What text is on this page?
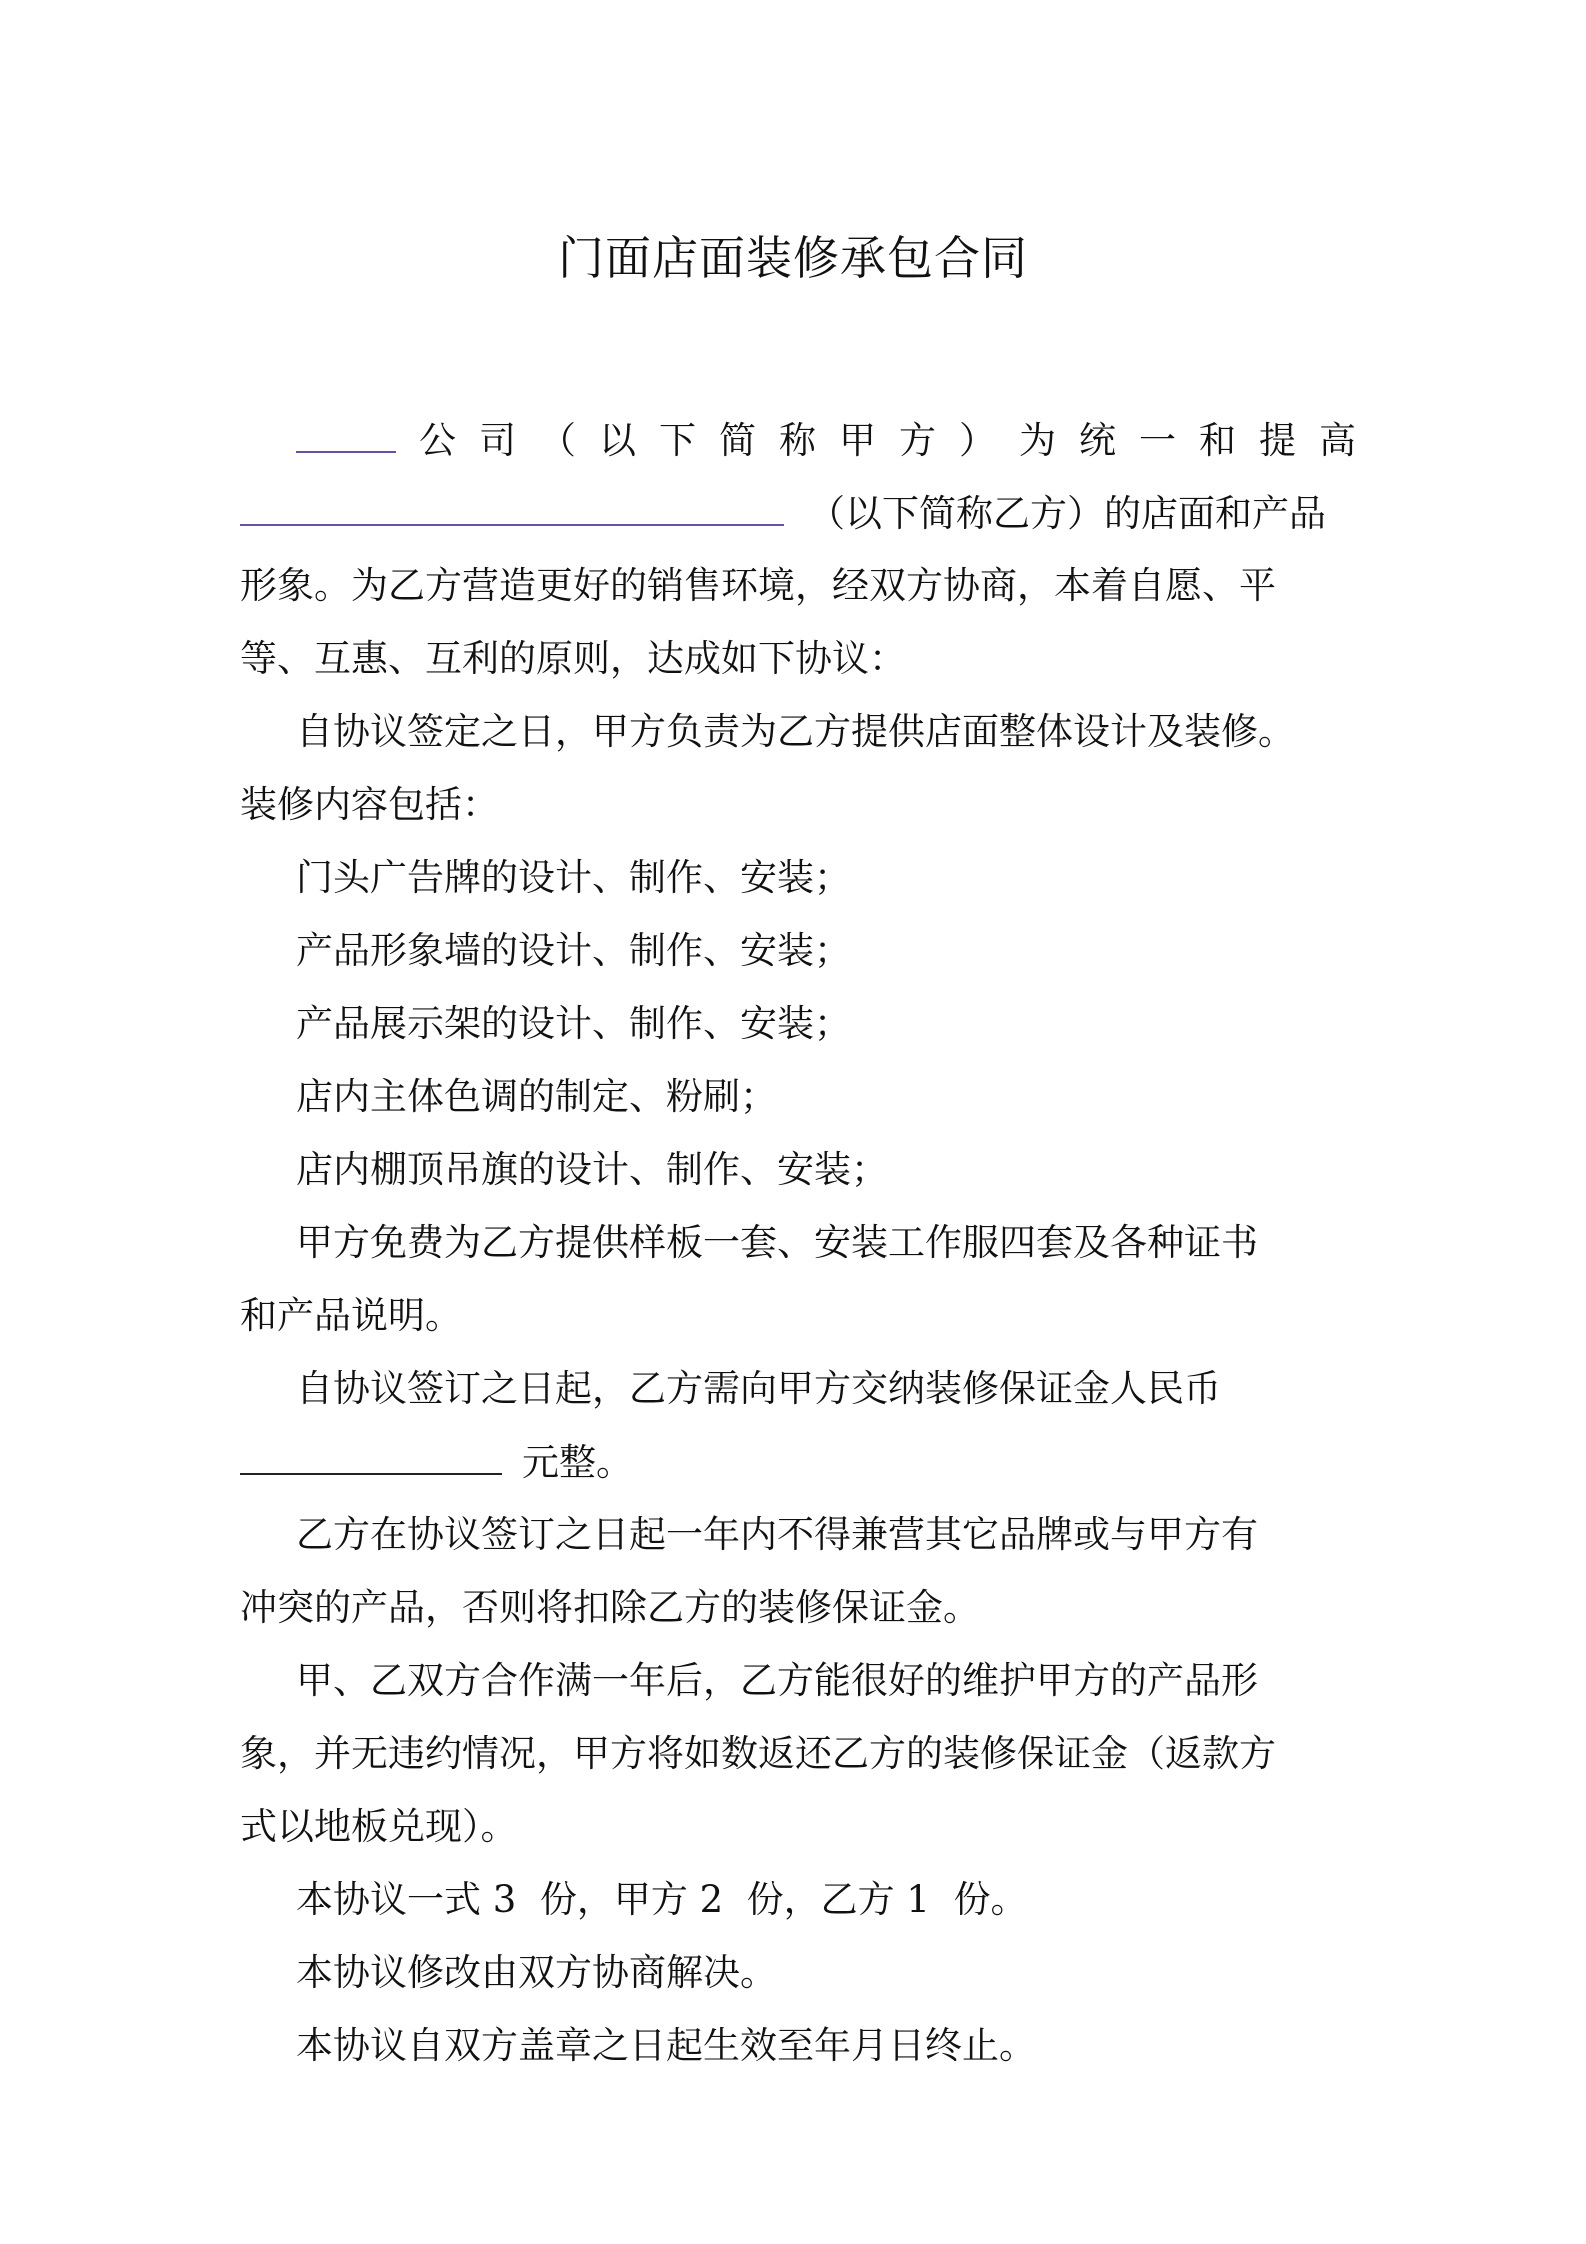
门面店面装修承包合同
公 司 （ 以 下 简 称 甲 方 ） 为 统 一 和 提 高
（以下简称乙方）的店面和产品
形象。为乙方营造更好的销售环境，经双方协商，本着自愿、平
等、互惠、互利的原则，达成如下协议：
自协议签定之日，甲方负责为乙方提供店面整体设计及装修。
装修内容包括：
门头广告牌的设计、制作、安装；
产品形象墙的设计、制作、安装；
产品展示架的设计、制作、安装；
店内主体色调的制定、粉刷；
店内棚顶吊旗的设计、制作、安装；
甲方免费为乙方提供样板一套、安装工作服四套及各种证书
和产品说明。
自协议签订之日起，乙方需向甲方交纳装修保证金人民币
元整。
乙方在协议签订之日起一年内不得兼营其它品牌或与甲方有
冲突的产品，否则将扣除乙方的装修保证金。
甲、乙双方合作满一年后，乙方能很好的维护甲方的产品形
象，并无违约情况，甲方将如数返还乙方的装修保证金（返款方
式以地板兑现）。
本协议一式 3  份，甲方 2  份，乙方 1  份。
本协议修改由双方协商解决。
本协议自双方盖章之日起生效至年月日终止。
